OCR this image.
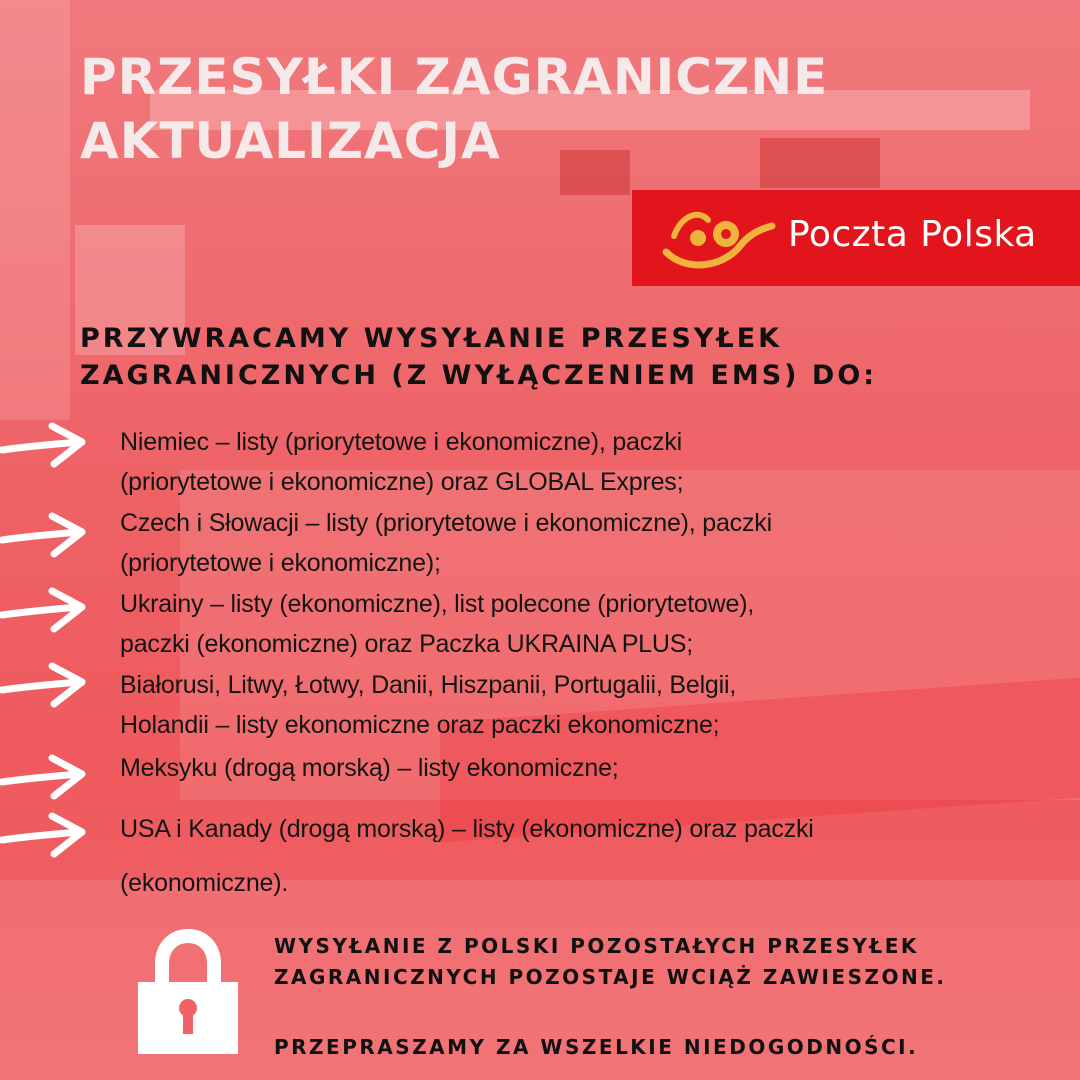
PRZESYŁKI ZAGRANICZNE
AKTUALIZACJA
Poczta Polska
PRZYWRACAMY WYSYŁANIE PRZESYŁEK
ZAGRANICZNYCH (Z WYŁĄCZENIEM EMS) DO:
Niemiec – listy (priorytetowe i ekonomiczne), paczki
(priorytetowe i ekonomiczne) oraz GLOBAL Expres;
Czech i Słowacji – listy (priorytetowe i ekonomiczne), paczki
(priorytetowe i ekonomiczne);
Ukrainy – listy (ekonomiczne), list polecone (priorytetowe),
paczki (ekonomiczne) oraz Paczka UKRAINA PLUS;
Białorusi, Litwy, Łotwy, Danii, Hiszpanii, Portugalii, Belgii,
Holandii – listy ekonomiczne oraz paczki ekonomiczne;
Meksyku (drogą morską) – listy ekonomiczne;
USA i Kanady (drogą morską) – listy (ekonomiczne) oraz paczki
(ekonomiczne).
WYSYŁANIE Z POLSKI POZOSTAŁYCH PRZESYŁEK
ZAGRANICZNYCH POZOSTAJE WCIĄŻ ZAWIESZONE.
PRZEPRASZAMY ZA WSZELKIE NIEDOGODNOŚCI.
